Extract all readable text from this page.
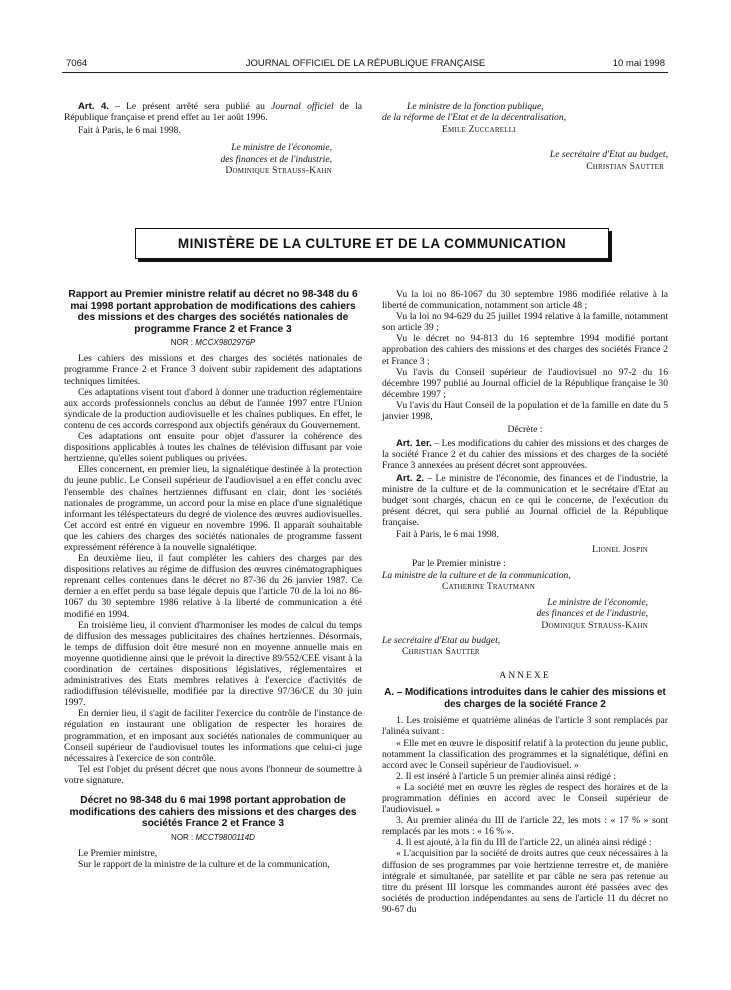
7064	JOURNAL OFFICIEL DE LA RÉPUBLIQUE FRANÇAISE	10 mai 1998

Art. 4. – Le présent arrêté sera publié au Journal officiel de la République française et prend effet au 1er août 1996.

Fait à Paris, le 6 mai 1998.

Le ministre de l'économie,
des finances et de l'industrie,
Dominique Strauss-Kahn
Le ministre de la fonction publique,
de la réforme de l'Etat et de la décentralisation,
Emile Zuccarelli
Le secrétaire d'Etat au budget,
Christian Sautter
MINISTÈRE DE LA CULTURE ET DE LA COMMUNICATION

Rapport au Premier ministre relatif au décret no 98-348 du 6 mai 1998 portant approbation de modifications des cahiers des missions et des charges des sociétés nationales de programme France 2 et France 3

NOR : MCCX9802976P

Les cahiers des missions et des charges des sociétés nationales de programme France 2 et France 3 doivent subir rapidement des adaptations techniques limitées.

Ces adaptations visent tout d'abord à donner une traduction réglementaire aux accords professionnels conclus au début de l'année 1997 entre l'Union syndicale de la production audiovisuelle et les chaînes publiques. En effet, le contenu de ces accords correspond aux objectifs généraux du Gouvernement.

Ces adaptations ont ensuite pour objet d'assurer la cohérence des dispositions applicables à toutes les chaînes de télévision diffusant par voie hertzienne, qu'elles soient publiques ou privées.

Elles concernent, en premier lieu, la signalétique destinée à la protection du jeune public. Le Conseil supérieur de l'audiovisuel a en effet conclu avec l'ensemble des chaînes hertziennes diffusant en clair, dont les sociétés nationales de programme, un accord pour la mise en place d'une signalétique informant les téléspectateurs du degré de violence des œuvres audiovisuelles. Cet accord est entré en vigueur en novembre 1996. Il apparaît souhaitable que les cahiers des charges des sociétés nationales de programme fassent expressément référence à la nouvelle signalétique.

En deuxième lieu, il faut compléter les cahiers des charges par des dispositions relatives au régime de diffusion des œuvres cinématographiques reprenant celles contenues dans le décret no 87-36 du 26 janvier 1987. Ce dernier a en effet perdu sa base légale depuis que l'article 70 de la loi no 86-1067 du 30 septembre 1986 relative à la liberté de communication a été modifié en 1994.

En troisième lieu, il convient d'harmoniser les modes de calcul du temps de diffusion des messages publicitaires des chaînes hertziennes. Désormais, le temps de diffusion doit être mesuré non en moyenne annuelle mais en moyenne quotidienne ainsi que le prévoit la directive 89/552/CEE visant à la coordination de certaines dispositions législatives, réglementaires et administratives des Etats membres relatives à l'exercice d'activités de radiodiffusion télévisuelle, modifiée par la directive 97/36/CE du 30 juin 1997.

En dernier lieu, il s'agit de faciliter l'exercice du contrôle de l'instance de régulation en instaurant une obligation de respecter les horaires de programmation, et en imposant aux sociétés nationales de communiquer au Conseil supérieur de l'audiovisuel toutes les informations que celui-ci juge nécessaires à l'exercice de son contrôle.

Tel est l'objet du présent décret que nous avons l'honneur de soumettre à votre signature.

Décret no 98-348 du 6 mai 1998 portant approbation de modifications des cahiers des missions et des charges des sociétés France 2 et France 3

NOR : MCCT9800114D

Le Premier ministre,

Sur le rapport de la ministre de la culture et de la communication,

Vu la loi no 86-1067 du 30 septembre 1986 modifiée relative à la liberté de communication, notamment son article 48 ;

Vu la loi no 94-629 du 25 juillet 1994 relative à la famille, notamment son article 39 ;

Vu le décret no 94-813 du 16 septembre 1994 modifié portant approbation des cahiers des missions et des charges des sociétés France 2 et France 3 ;

Vu l'avis du Conseil supérieur de l'audiovisuel no 97-2 du 16 décembre 1997 publié au Journal officiel de la République française le 30 décembre 1997 ;

Vu l'avis du Haut Conseil de la population et de la famille en date du 5 janvier 1998,

Décrète :

Art. 1er. – Les modifications du cahier des missions et des charges de la société France 2 et du cahier des missions et des charges de la société France 3 annexées au présent décret sont approuvées.

Art. 2. – Le ministre de l'économie, des finances et de l'industrie, la ministre de la culture et de la communication et le secrétaire d'Etat au budget sont chargés, chacun en ce qui le concerne, de l'exécution du présent décret, qui sera publié au Journal officiel de la République française.

Fait à Paris, le 6 mai 1998.

Lionel Jospin
Par le Premier ministre :
La ministre de la culture et de la communication,
Catherine Trautmann
Le ministre de l'économie,
des finances et de l'industrie,
Dominique Strauss-Kahn
Le secrétaire d'Etat au budget,
Christian Sautter
ANNEXE

A. – Modifications introduites dans le cahier des missions et des charges de la société France 2

1. Les troisième et quatrième alinéas de l'article 3 sont remplacés par l'alinéa suivant :

« Elle met en œuvre le dispositif relatif à la protection du jeune public, notamment la classification des programmes et la signalétique, défini en accord avec le Conseil supérieur de l'audiovisuel. »

2. Il est inséré à l'article 5 un premier alinéa ainsi rédigé :

« La société met en œuvre les règles de respect des horaires et de la programmation définies en accord avec le Conseil supérieur de l'audiovisuel. »

3. Au premier alinéa du III de l'article 22, les mots : « 17 % » sont remplacés par les mots : « 16 % ».

4. Il est ajouté, à la fin du III de l'article 22, un alinéa ainsi rédigé :

« L'acquisition par la société de droits autres que ceux nécessaires à la diffusion de ses programmes par voie hertzienne terrestre et, de manière intégrale et simultanée, par satellite et par câble ne sera pas retenue au titre du présent III lorsque les commandes auront été passées avec des sociétés de production indépendantes au sens de l'article 11 du décret no 90-67 du
